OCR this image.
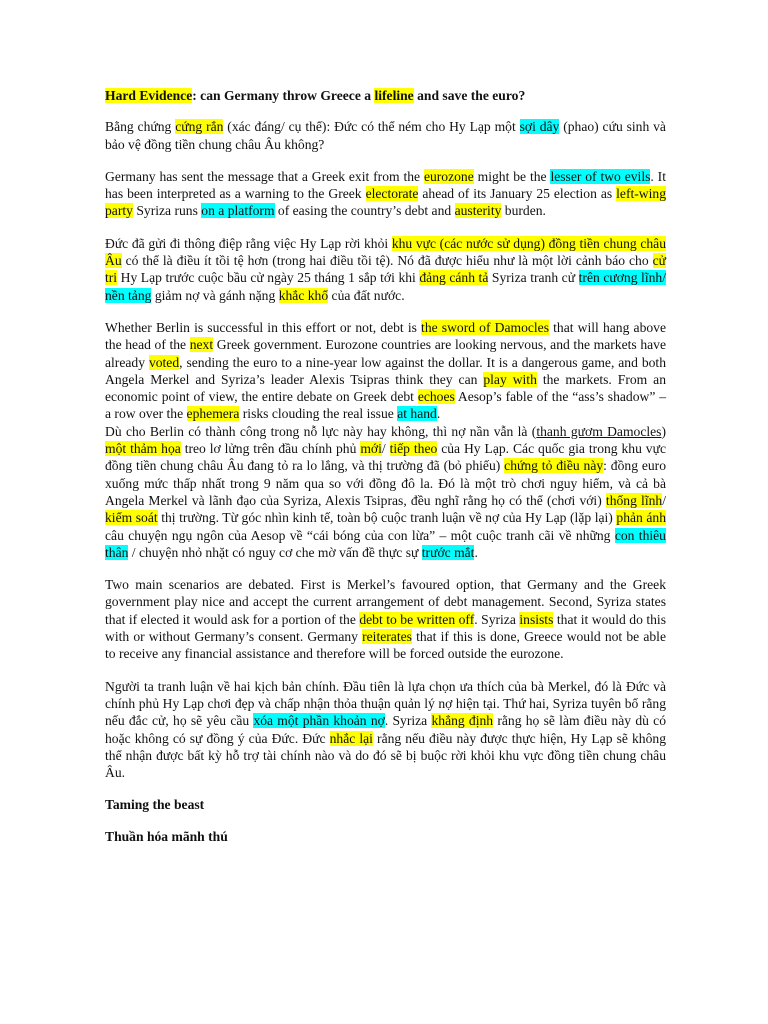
Hard Evidence: can Germany throw Greece a lifeline and save the euro?

Bằng chứng cứng rắn (xác đáng/ cụ thể): Đức có thể ném cho Hy Lạp một sợi dây (phao) cứu sinh và bảo vệ đồng tiền chung châu Âu không?

Germany has sent the message that a Greek exit from the eurozone might be the lesser of two evils. It has been interpreted as a warning to the Greek electorate ahead of its January 25 election as left-wing party Syriza runs on a platform of easing the country’s debt and austerity burden.

Đức đã gửi đi thông điệp rằng việc Hy Lạp rời khỏi khu vực (các nước sử dụng) đồng tiền chung châu Âu có thể là điều ít tồi tệ hơn (trong hai điều tồi tệ). Nó đã được hiểu như là một lời cảnh báo cho cử tri Hy Lạp trước cuộc bầu cử ngày 25 tháng 1 sắp tới khi đảng cánh tả Syriza tranh cử trên cương lĩnh/ nền tảng giảm nợ và gánh nặng khắc khổ của đất nước.

Whether Berlin is successful in this effort or not, debt is the sword of Damocles that will hang above the head of the next Greek government. Eurozone countries are looking nervous, and the markets have already voted, sending the euro to a nine-year low against the dollar. It is a dangerous game, and both Angela Merkel and Syriza’s leader Alexis Tsipras think they can play with the markets. From an economic point of view, the entire debate on Greek debt echoes Aesop’s fable of the “ass’s shadow” – a row over the ephemera risks clouding the real issue at hand.

Dù cho Berlin có thành công trong nỗ lực này hay không, thì nợ nần vẫn là (thanh gươm Damocles) một thảm họa treo lơ lửng trên đầu chính phủ mới/ tiếp theo của Hy Lạp. Các quốc gia trong khu vực đồng tiền chung châu Âu đang tỏ ra lo lắng, và thị trường đã (bỏ phiếu) chứng tỏ điều này: đồng euro xuống mức thấp nhất trong 9 năm qua so với đồng đô la. Đó là một trò chơi nguy hiểm, và cả bà Angela Merkel và lãnh đạo của Syriza, Alexis Tsipras, đều nghĩ rằng họ có thể (chơi với) thống lĩnh/ kiểm soát thị trường. Từ góc nhìn kinh tế, toàn bộ cuộc tranh luận về nợ của Hy Lạp (lặp lại) phản ánh câu chuyện ngụ ngôn của Aesop về “cái bóng của con lừa” – một cuộc tranh cãi về những con thiêu thân / chuyện nhỏ nhặt có nguy cơ che mờ vấn đề thực sự trước mắt.

Two main scenarios are debated. First is Merkel’s favoured option, that Germany and the Greek government play nice and accept the current arrangement of debt management. Second, Syriza states that if elected it would ask for a portion of the debt to be written off. Syriza insists that it would do this with or without Germany’s consent. Germany reiterates that if this is done, Greece would not be able to receive any financial assistance and therefore will be forced outside the eurozone.

Người ta tranh luận về hai kịch bản chính. Đầu tiên là lựa chọn ưa thích của bà Merkel, đó là Đức và chính phủ Hy Lạp chơi đẹp và chấp nhận thỏa thuận quản lý nợ hiện tại. Thứ hai, Syriza tuyên bố rằng nếu đắc cử, họ sẽ yêu cầu xóa một phần khoản nợ. Syriza khẳng định rằng họ sẽ làm điều này dù có hoặc không có sự đồng ý của Đức. Đức nhắc lại rằng nếu điều này được thực hiện, Hy Lạp sẽ không thể nhận được bất kỳ hỗ trợ tài chính nào và do đó sẽ bị buộc rời khỏi khu vực đồng tiền chung châu Âu.

Taming the beast
Thuần hóa mãnh thú
